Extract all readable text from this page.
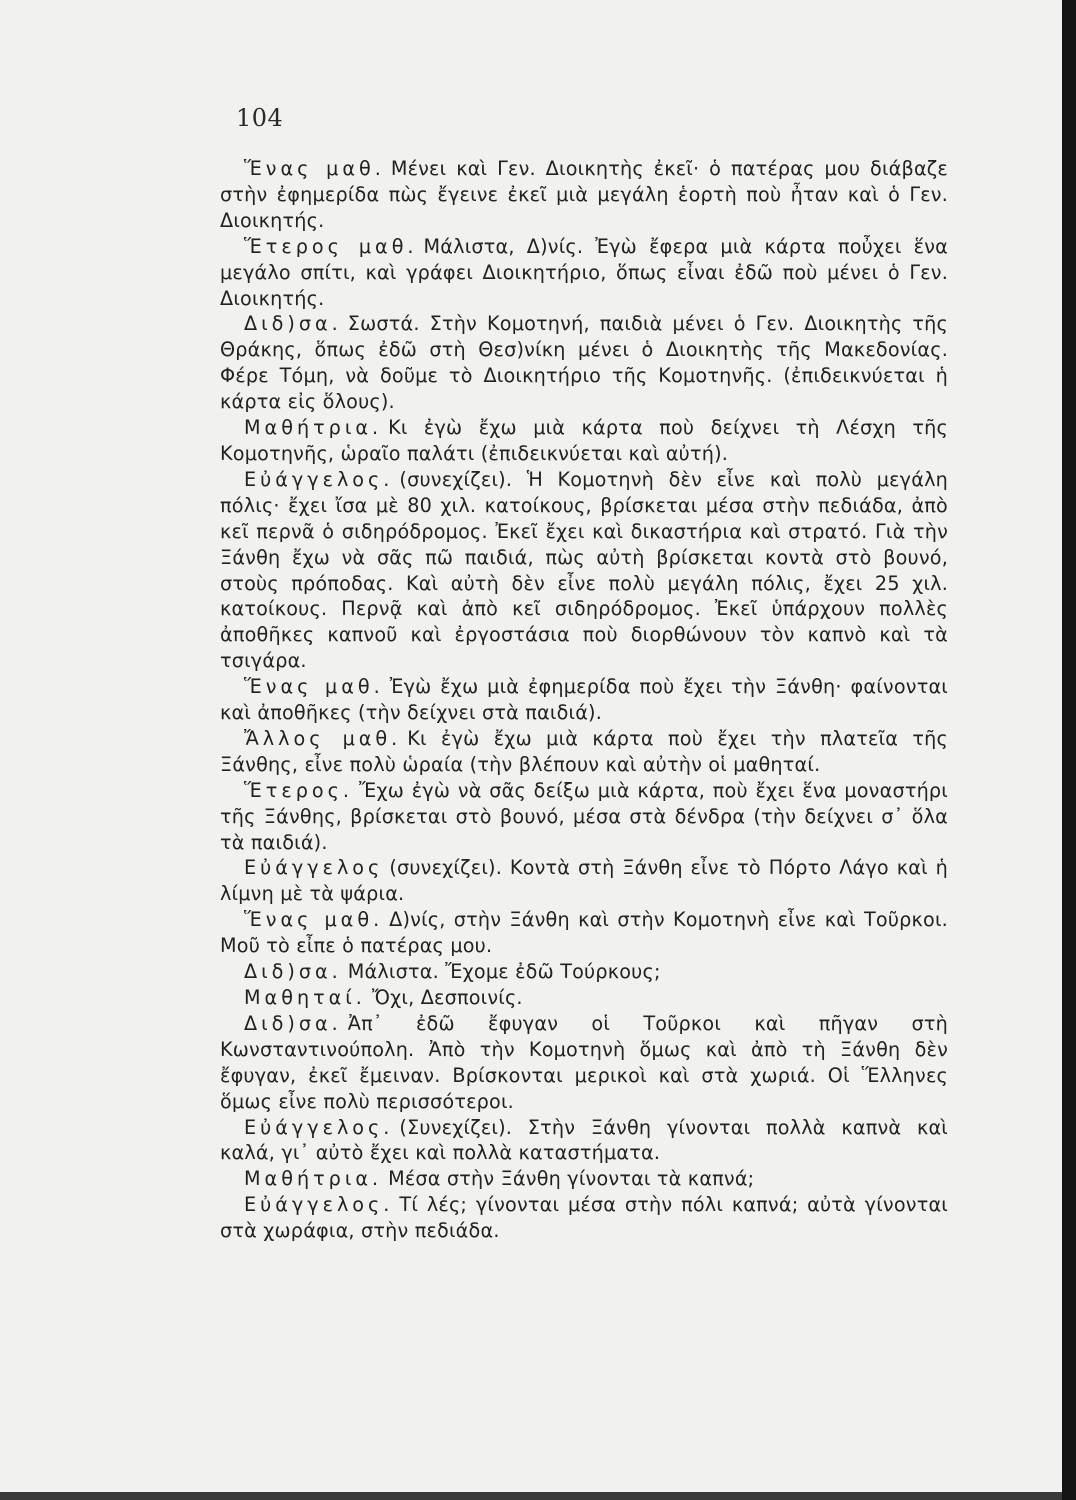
104

Ἕνας μαθ. Μένει καὶ Γεν. Διοικητὴς ἐκεῖ· ὁ πατέρας μου διάβαζε στὴν ἐφημερίδα πὼς ἔγεινε ἐκεῖ μιὰ μεγάλη ἑορτὴ ποὺ ἦταν καὶ ὁ Γεν. Διοικητής.

Ἕτερος μαθ. Μάλιστα, Δ)νίς. Ἐγὼ ἔφερα μιὰ κάρτα ποὖχει ἕνα μεγάλο σπίτι, καὶ γράφει Διοικητήριο, ὅπως εἶναι ἐδῶ ποὺ μένει ὁ Γεν. Διοικητής.

Διδ)σα. Σωστά. Στὴν Κομοτηνή, παιδιὰ μένει ὁ Γεν. Διοικητὴς τῆς Θράκης, ὅπως ἐδῶ στὴ Θεσ)νίκη μένει ὁ Διοικητὴς τῆς Μακεδονίας. Φέρε Τόμη, νὰ δοῦμε τὸ Διοικητήριο τῆς Κομοτηνῆς. (ἐπιδεικνύεται ἡ κάρτα εἰς ὅλους).

Μαθήτρια. Κι ἐγὼ ἔχω μιὰ κάρτα ποὺ δείχνει τὴ Λέσχη τῆς Κομοτηνῆς, ὡραῖο παλάτι (ἐπιδεικνύεται καὶ αὐτή).

Εὐάγγελος. (συνεχίζει). Ἡ Κομοτηνὴ δὲν εἶνε καὶ πολὺ μεγάλη πόλις· ἔχει ἴσα μὲ 80 χιλ. κατοίκους, βρίσκεται μέσα στὴν πεδιάδα, ἀπὸ κεῖ περνᾶ ὁ σιδηρόδρομος. Ἐκεῖ ἔχει καὶ δικαστήρια καὶ στρατό. Γιὰ τὴν Ξάνθη ἔχω νὰ σᾶς πῶ παιδιά, πὼς αὐτὴ βρίσκεται κοντὰ στὸ βουνό, στοὺς πρόποδας. Καὶ αὐτὴ δὲν εἶνε πολὺ μεγάλη πόλις, ἔχει 25 χιλ. κατοίκους. Περνᾷ καὶ ἀπὸ κεῖ σιδηρόδρομος. Ἐκεῖ ὑπάρχουν πολλὲς ἀποθῆκες καπνοῦ καὶ ἐργοστάσια ποὺ διορθώνουν τὸν καπνὸ καὶ τὰ τσιγάρα.

Ἕνας μαθ. Ἐγὼ ἔχω μιὰ ἐφημερίδα ποὺ ἔχει τὴν Ξάνθη· φαίνονται καὶ ἀποθῆκες (τὴν δείχνει στὰ παιδιά).

Ἄλλος μαθ. Κι ἐγὼ ἔχω μιὰ κάρτα ποὺ ἔχει τὴν πλατεῖα τῆς Ξάνθης, εἶνε πολὺ ὡραία (τὴν βλέπουν καὶ αὐτὴν οἱ μαθηταί.

Ἕτερος. Ἔχω ἐγὼ νὰ σᾶς δείξω μιὰ κάρτα, ποὺ ἔχει ἕνα μοναστήρι τῆς Ξάνθης, βρίσκεται στὸ βουνό, μέσα στὰ δένδρα (τὴν δείχνει σ᾿ ὅλα τὰ παιδιά).

Εὐάγγελος (συνεχίζει). Κοντὰ στὴ Ξάνθη εἶνε τὸ Πόρτο Λάγο καὶ ἡ λίμνη μὲ τὰ ψάρια.

Ἕνας μαθ. Δ)νίς, στὴν Ξάνθη καὶ στὴν Κομοτηνὴ εἶνε καὶ Τοῦρκοι. Μοῦ τὸ εἶπε ὁ πατέρας μου.

Διδ)σα. Μάλιστα. Ἔχομε ἐδῶ Τούρκους;

Μαθηταί. Ὄχι, Δεσποινίς.

Διδ)σα. Ἀπ᾿ ἐδῶ ἔφυγαν οἱ Τοῦρκοι καὶ πῆγαν στὴ Κωνσταντινούπολη. Ἀπὸ τὴν Κομοτηνὴ ὅμως καὶ ἀπὸ τὴ Ξάνθη δὲν ἔφυγαν, ἐκεῖ ἔμειναν. Βρίσκονται μερικοὶ καὶ στὰ χωριά. Οἱ Ἕλληνες ὅμως εἶνε πολὺ περισσότεροι.

Εὐάγγελος. (Συνεχίζει). Στὴν Ξάνθη γίνονται πολλὰ καπνὰ καὶ καλά, γι᾿ αὐτὸ ἔχει καὶ πολλὰ καταστήματα.

Μαθήτρια. Μέσα στὴν Ξάνθη γίνονται τὰ καπνά;

Εὐάγγελος. Τί λές; γίνονται μέσα στὴν πόλι καπνά; αὐτὰ γίνονται στὰ χωράφια, στὴν πεδιάδα.
